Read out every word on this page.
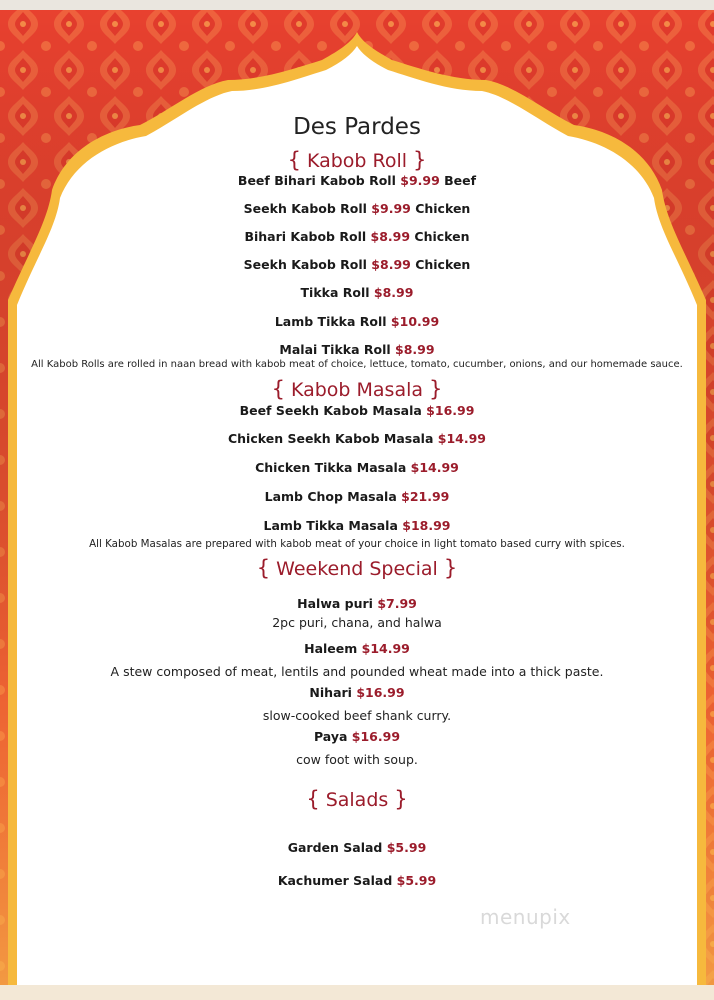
Des Pardes
{ Kabob Roll }
Beef Bihari Kabob Roll $9.99 Beef
Seekh Kabob Roll $9.99 Chicken
Bihari Kabob Roll $8.99 Chicken
Seekh Kabob Roll $8.99 Chicken
Tikka Roll $8.99
Lamb Tikka Roll $10.99
Malai Tikka Roll $8.99
All Kabob Rolls are rolled in naan bread with kabob meat of choice, lettuce, tomato, cucumber, onions, and our homemade sauce.
{ Kabob Masala }
Beef Seekh Kabob Masala $16.99
Chicken Seekh Kabob Masala $14.99
Chicken Tikka Masala $14.99
Lamb Chop Masala $21.99
Lamb Tikka Masala $18.99
All Kabob Masalas are prepared with kabob meat of your choice in light tomato based curry with spices.
{ Weekend Special }
Halwa puri $7.99
2pc puri, chana, and halwa
Haleem $14.99
A stew composed of meat, lentils and pounded wheat made into a thick paste.
Nihari $16.99
slow-cooked beef shank curry.
Paya $16.99
cow foot with soup.
{ Salads }
Garden Salad $5.99
Kachumer Salad $5.99
menupix
